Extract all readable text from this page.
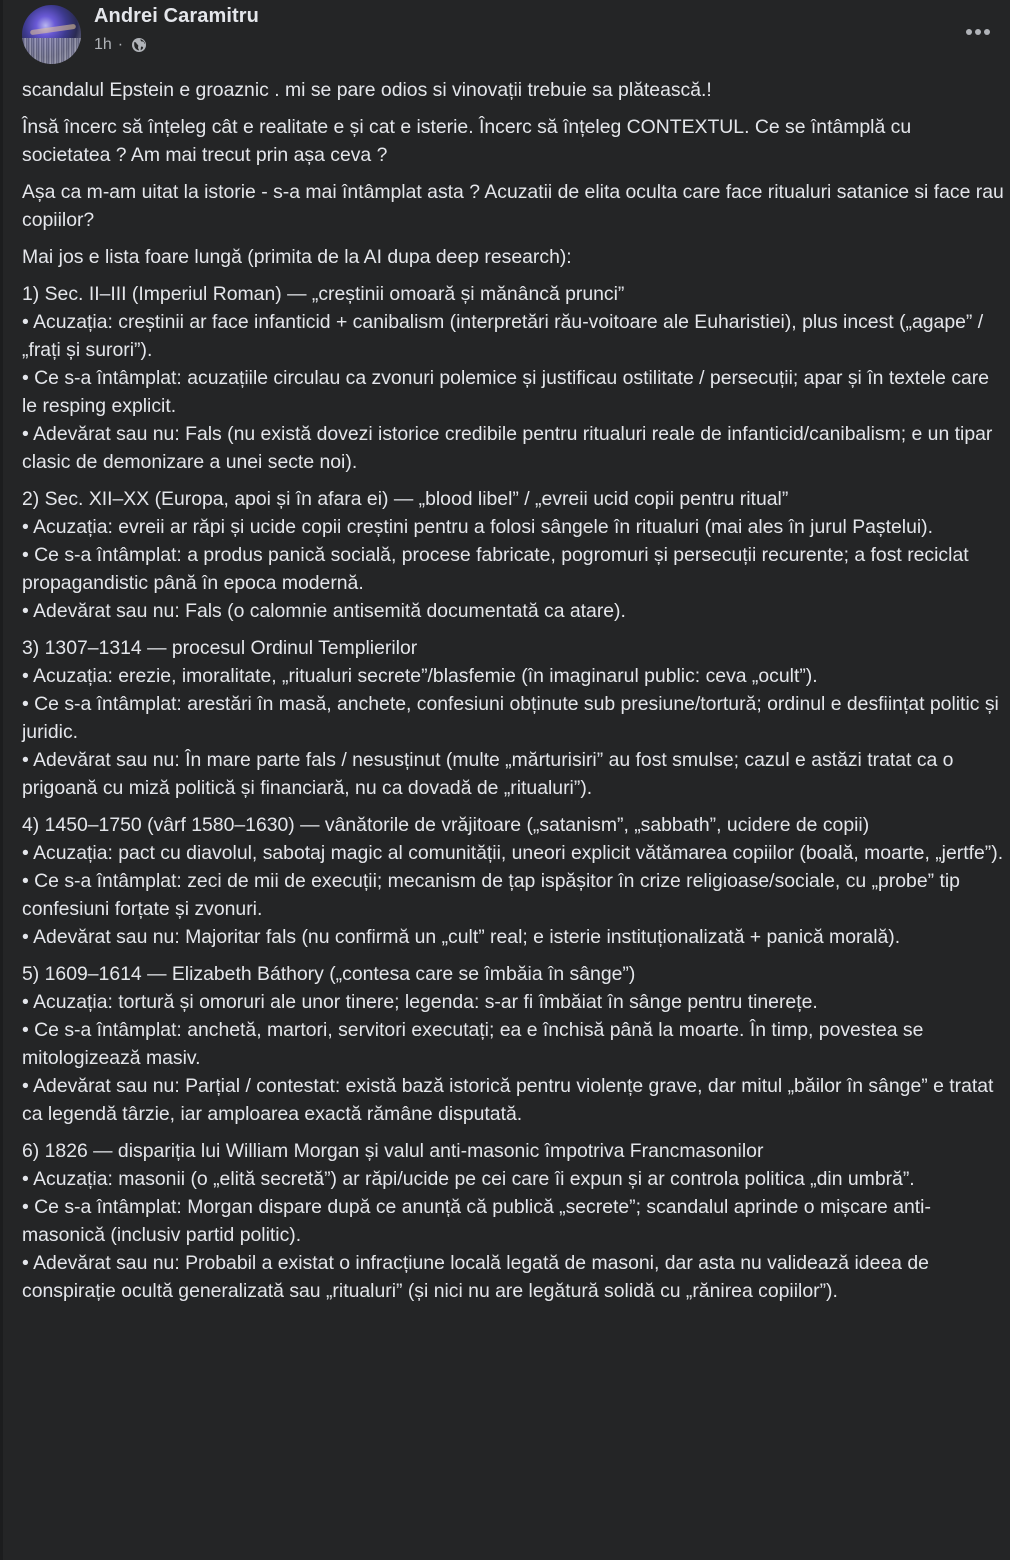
Andrei Caramitru
1h ·

scandalul Epstein e groaznic . mi se pare odios si vinovații trebuie sa plătească.!

Însă încerc să înțeleg cât e realitate e și cat e isterie. Încerc să înțeleg CONTEXTUL. Ce se întâmplă cu societatea ? Am mai trecut prin așa ceva ?

Așa ca m-am uitat la istorie - s-a mai întâmplat asta ? Acuzatii de elita oculta care face ritualuri satanice si face rau copiilor?

Mai jos e lista foare lungă (primita de la AI dupa deep research):

1) Sec. II–III (Imperiul Roman) — „creștinii omoară și mănâncă prunci”
• Acuzația: creștinii ar face infanticid + canibalism (interpretări rău-voitoare ale Euharistiei), plus incest („agape” / „frați și surori”).
• Ce s-a întâmplat: acuzațiile circulau ca zvonuri polemice și justificau ostilitate / persecuții; apar și în textele care le resping explicit.
• Adevărat sau nu: Fals (nu există dovezi istorice credibile pentru ritualuri reale de infanticid/canibalism; e un tipar clasic de demonizare a unei secte noi).
2) Sec. XII–XX (Europa, apoi și în afara ei) — „blood libel” / „evreii ucid copii pentru ritual”
• Acuzația: evreii ar răpi și ucide copii creștini pentru a folosi sângele în ritualuri (mai ales în jurul Paștelui).
• Ce s-a întâmplat: a produs panică socială, procese fabricate, pogromuri și persecuții recurente; a fost reciclat propagandistic până în epoca modernă.
• Adevărat sau nu: Fals (o calomnie antisemită documentată ca atare).
3) 1307–1314 — procesul Ordinul Templierilor
• Acuzația: erezie, imoralitate, „ritualuri secrete”/blasfemie (în imaginarul public: ceva „ocult”).
• Ce s-a întâmplat: arestări în masă, anchete, confesiuni obținute sub presiune/tortură; ordinul e desființat politic și juridic.
• Adevărat sau nu: În mare parte fals / nesusținut (multe „mărturisiri” au fost smulse; cazul e astăzi tratat ca o prigoană cu miză politică și financiară, nu ca dovadă de „ritualuri”).
4) 1450–1750 (vârf 1580–1630) — vânătorile de vrăjitoare („satanism”, „sabbath”, ucidere de copii)
• Acuzația: pact cu diavolul, sabotaj magic al comunității, uneori explicit vătămarea copiilor (boală, moarte, „jertfe”).
• Ce s-a întâmplat: zeci de mii de execuții; mecanism de țap ispășitor în crize religioase/sociale, cu „probe” tip confesiuni forțate și zvonuri.
• Adevărat sau nu: Majoritar fals (nu confirmă un „cult” real; e isterie instituționalizată + panică morală).
5) 1609–1614 — Elizabeth Báthory („contesa care se îmbăia în sânge”)
• Acuzația: tortură și omoruri ale unor tinere; legenda: s-ar fi îmbăiat în sânge pentru tinerețe.
• Ce s-a întâmplat: anchetă, martori, servitori executați; ea e închisă până la moarte. În timp, povestea se mitologizează masiv.
• Adevărat sau nu: Parțial / contestat: există bază istorică pentru violențe grave, dar mitul „băilor în sânge” e tratat ca legendă târzie, iar amploarea exactă rămâne disputată.
6) 1826 — dispariția lui William Morgan și valul anti-masonic împotriva Francmasonilor
• Acuzația: masonii (o „elită secretă”) ar răpi/ucide pe cei care îi expun și ar controla politica „din umbră”.
• Ce s-a întâmplat: Morgan dispare după ce anunță că publică „secrete”; scandalul aprinde o mișcare anti-masonică (inclusiv partid politic).
• Adevărat sau nu: Probabil a existat o infracțiune locală legată de masoni, dar asta nu validează ideea de conspirație ocultă generalizată sau „ritualuri” (și nici nu are legătură solidă cu „rănirea copiilor”).
